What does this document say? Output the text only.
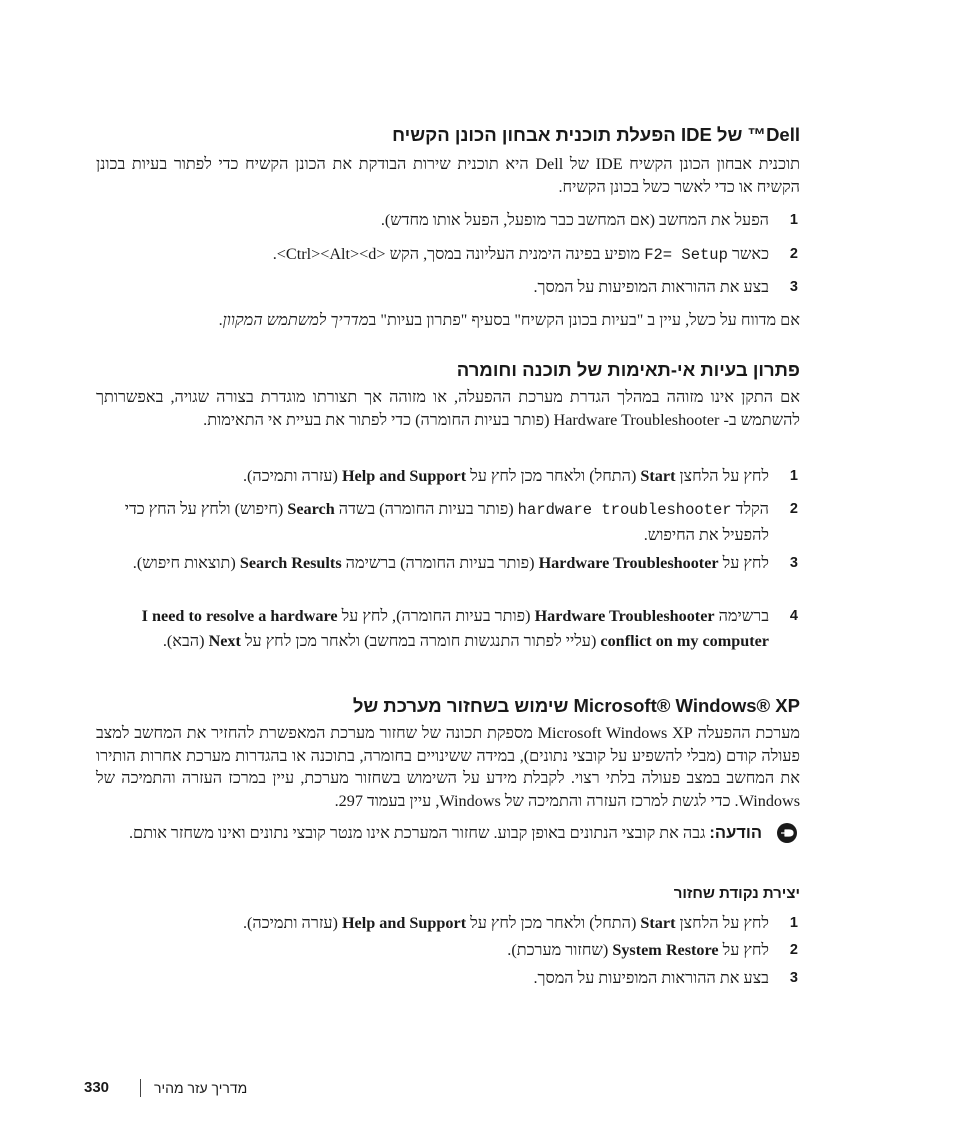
Dell™ של IDE הפעלת תוכנית אבחון הכונן הקשיח

תוכנית אבחון הכונן הקשיח IDE של Dell היא תוכנית שירות הבודקת את הכונן הקשיח כדי לפתור בעיות בכונן הקשיח או כדי לאשר כשל בכונן הקשיח.

1
הפעל את המחשב (אם המחשב כבר מופעל, הפעל אותו מחדש).
2
כאשר F2= Setup מופיע בפינה הימנית העליונה במסך, הקש <Ctrl><Alt><d>.
3
בצע את ההוראות המופיעות על המסך.

אם מדווח על כשל, עיין ב "בעיות בכונן הקשיח" בסעיף "פתרון בעיות" במדריך למשתמש המקוון.

פתרון בעיות אי-תאימות של תוכנה וחומרה

אם התקן אינו מזוהה במהלך הגדרת מערכת ההפעלה, או מזוהה אך תצורתו מוגדרת בצורה שגויה, באפשרותך להשתמש ב- Hardware Troubleshooter (פותר בעיות החומרה) כדי לפתור את בעיית אי התאימות.

1
לחץ על הלחצן Start (התחל) ולאחר מכן לחץ על Help and Support (עזרה ותמיכה).
2
הקלד hardware troubleshooter (פותר בעיות החומרה) בשדה Search (חיפוש) ולחץ על החץ כדי להפעיל את החיפוש.
3
לחץ על Hardware Troubleshooter (פותר בעיות החומרה) ברשימה Search Results (תוצאות חיפוש).
4
ברשימה Hardware Troubleshooter (פותר בעיות החומרה), לחץ על I need to resolve a hardware conflict on my computer (עליי לפתור התנגשות חומרה במחשב) ולאחר מכן לחץ על Next (הבא).
Microsoft® Windows® XP שימוש בשחזור מערכת של

מערכת ההפעלה Microsoft Windows XP מספקת תכונה של שחזור מערכת המאפשרת להחזיר את המחשב למצב פעולה קודם (מבלי להשפיע על קובצי נתונים), במידה ששינויים בחומרה, בתוכנה או בהגדרות מערכת אחרות הותירו את המחשב במצב פעולה בלתי רצוי. לקבלת מידע על השימוש בשחזור מערכת, עיין במרכז העזרה והתמיכה של Windows. כדי לגשת למרכז העזרה והתמיכה של Windows, עיין בעמוד 297.

הודעה: גבה את קובצי הנתונים באופן קבוע. שחזור המערכת אינו מנטר קובצי נתונים ואינו משחזר אותם.
יצירת נקודת שחזור
1
לחץ על הלחצן Start (התחל) ולאחר מכן לחץ על Help and Support (עזרה ותמיכה).
2
לחץ על System Restore (שחזור מערכת).
3
בצע את ההוראות המופיעות על המסך.
330	מדריך עזר מהיר
